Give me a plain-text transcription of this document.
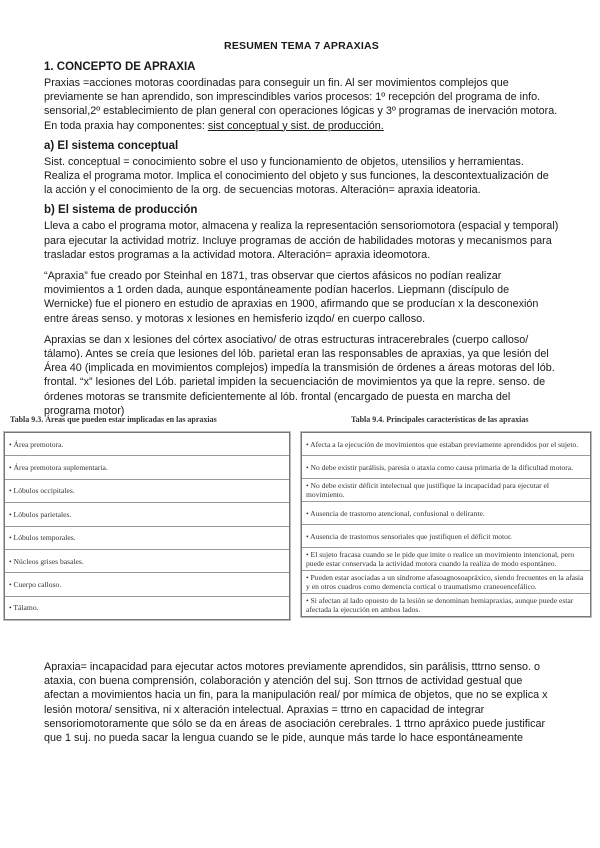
RESUMEN TEMA 7 APRAXIAS
1. CONCEPTO DE APRAXIA

Praxias =acciones motoras coordinadas para conseguir un fin. Al ser movimientos complejos que previamente se han aprendido, son imprescindibles varios procesos: 1º recepción del programa de info. sensorial,2º establecimiento de plan general con operaciones lógicas y 3º programas de inervación motora. En toda praxia hay componentes: sist conceptual y sist. de producción.

a) El sistema conceptual

Sist. conceptual = conocimiento sobre el uso y funcionamiento de objetos, utensilios y herramientas. Realiza el programa motor. Implica el conocimiento del objeto y sus funciones, la descontextualización de la acción y el conocimiento de la org. de secuencias motoras. Alteración= apraxia ideatoria.

b) El sistema de producción

Lleva a cabo el programa motor, almacena y realiza la representación sensoriomotora (espacial y temporal) para ejecutar la actividad motriz. Incluye programas de acción de habilidades motoras y mecanismos para trasladar estos programas a la actividad motora. Alteración= apraxia ideomotora.

“Apraxia” fue creado por Steinhal en 1871, tras observar que ciertos afásicos no podían realizar movimientos a 1 orden dada, aunque espontáneamente podían hacerlos. Liepmann (discípulo de Wernicke) fue el pionero en estudio de apraxias en 1900, afirmando que se producían x la desconexión entre áreas senso. y motoras x lesiones en hemisferio izqdo/ en cuerpo calloso.

Apraxias se dan x lesiones del córtex asociativo/ de otras estructuras intracerebrales (cuerpo calloso/ tálamo). Antes se creía que lesiones del lób. parietal eran las responsables de apraxias, ya que lesión del Área 40 (implicada en movimientos complejos) impedía la transmisión de órdenes a áreas motoras del lób. frontal. “x” lesiones del Lób. parietal impiden la secuenciación de movimientos ya que la repre. senso. de órdenes motoras se transmite deficientemente al lób. frontal (encargado de puesta en marcha del programa motor)

Tabla 9.3. Áreas que pueden estar implicadas en las apraxias
• Área premotora.
• Área premotora suplementaria.
• Lóbulos occipitales.
• Lóbulos parietales.
• Lóbulos temporales.
• Núcleos grises basales.
• Cuerpo calloso.
• Tálamo.
Tabla 9.4. Principales características de las apraxias
• Afecta a la ejecución de movimientos que estaban previamente aprendidos por el sujeto.
• No debe existir parálisis, paresia o ataxia como causa primaria de la dificultad motora.
• No debe existir déficit intelectual que justifique la incapacidad para ejecutar el movimiento.
• Ausencia de trastorno atencional, confusional o delirante.
• Ausencia de trastornos sensoriales que justifiquen el déficit motor.
• El sujeto fracasa cuando se le pide que imite o realice un movimiento intencional, pero puede estar conservada la actividad motora cuando la realiza de modo espontáneo.
• Pueden estar asociadas a un síndrome afasoagnosoapráxico, siendo frecuentes en la afasia y en otros cuadros como demencia cortical o traumatismo craneoencefálico.
• Si afectan al lado opuesto de la lesión se denominan hemiapraxias, aunque puede estar afectada la ejecución en ambos lados.

Apraxia= incapacidad para ejecutar actos motores previamente aprendidos, sin parálisis, tttrno senso. o ataxia, con buena comprensión, colaboración y atención del suj. Son ttrnos de actividad gestual que afectan a movimientos hacia un fin, para la manipulación real/ por mímica de objetos, que no se explica x lesión motora/ sensitiva, ni x alteración intelectual. Apraxias = ttrno en capacidad de integrar sensoriomotoramente que sólo se da en áreas de asociación cerebrales. 1 ttrno apráxico puede justificar que 1 suj. no pueda sacar la lengua cuando se le pide, aunque más tarde lo hace espontáneamente
